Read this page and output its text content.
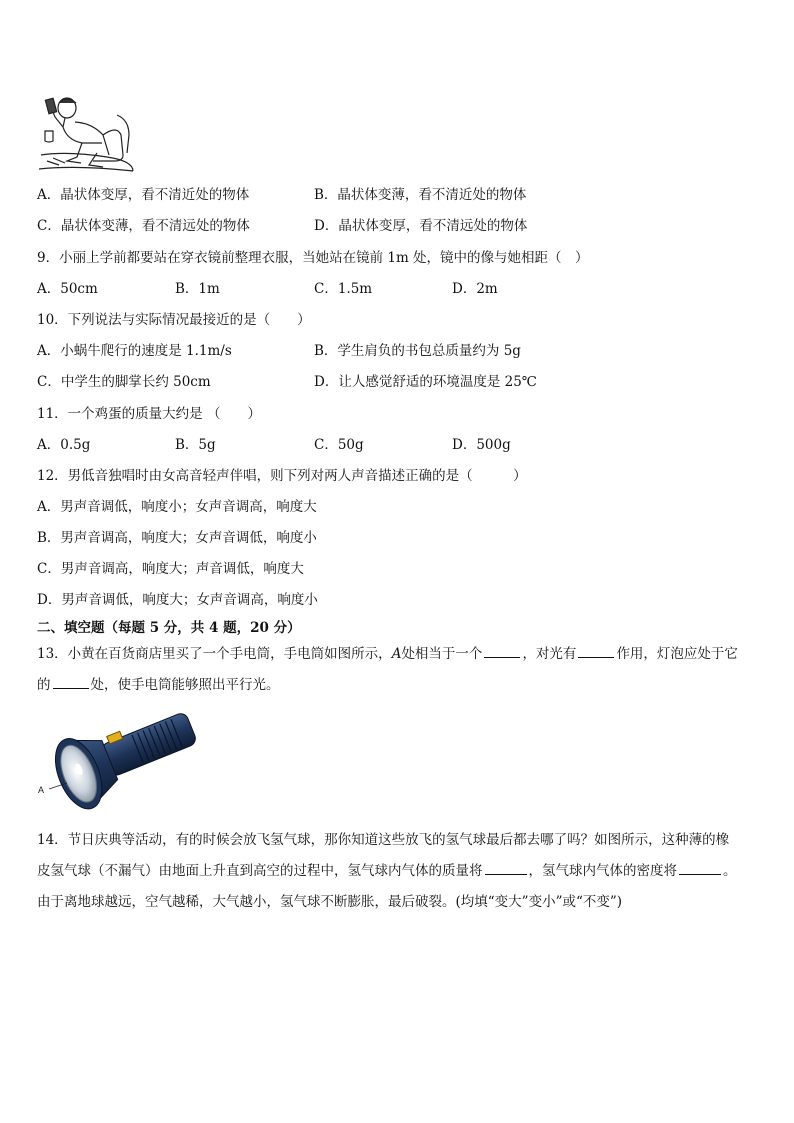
A．晶状体变厚，看不清近处的物体	B．晶状体变薄，看不清近处的物体
C．晶状体变薄，看不清远处的物体	D．晶状体变厚，看不清远处的物体
9．小丽上学前都要站在穿衣镜前整理衣服，当她站在镜前 1m 处，镜中的像与她相距（　）
A．50cm	B．1m	C．1.5m	D．2m
10．下列说法与实际情况最接近的是（　　）
A．小蜗牛爬行的速度是 1.1m/s	B．学生肩负的书包总质量约为 5g
C．中学生的脚掌长约 50cm	D．让人感觉舒适的环境温度是 25℃
11．一个鸡蛋的质量大约是 （　　）
A．0.5g	B．5g	C．50g	D．500g
12．男低音独唱时由女高音轻声伴唱，则下列对两人声音描述正确的是（　　　）
A．男声音调低，响度小；女声音调高，响度大
B．男声音调高，响度大；女声音调低，响度小
C．男声音调高，响度大；声音调低，响度大
D．男声音调低，响度大；女声音调高，响度小
二、填空题（每题 5 分，共 4 题，20 分）
13．小黄在百货商店里买了一个手电筒，手电筒如图所示，A处相当于一个	，对光有	作用，灯泡应处于它
的	处，使手电筒能够照出平行光。
A
14．节日庆典等活动，有的时候会放飞氢气球，那你知道这些放飞的氢气球最后都去哪了吗？如图所示，这种薄的橡
皮氢气球（不漏气）由地面上升直到高空的过程中，氢气球内气体的质量将	，氢气球内气体的密度将	。
由于离地球越远，空气越稀，大气越小，氢气球不断膨胀，最后破裂。(均填“变大”变小”或“不变”)
